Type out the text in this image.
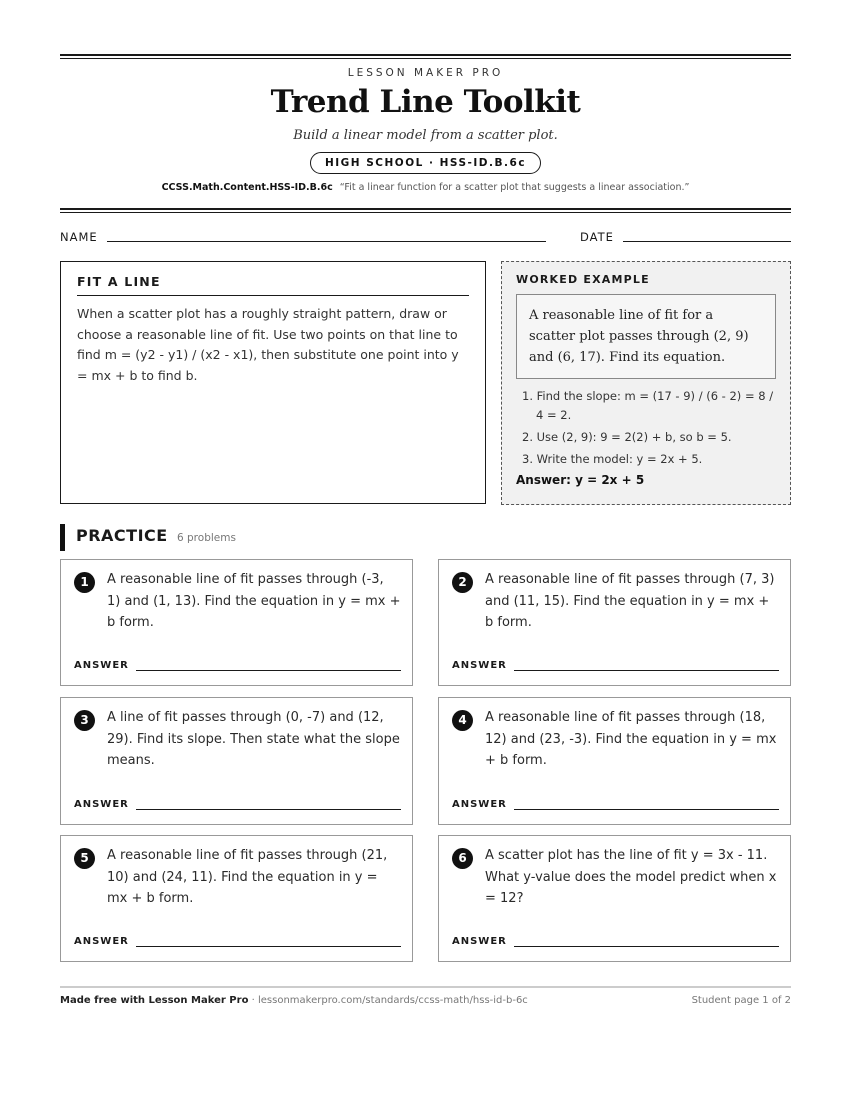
LESSON MAKER PRO
Trend Line Toolkit
Build a linear model from a scatter plot.
HIGH SCHOOL · HSS-ID.B.6c
CCSS.Math.Content.HSS-ID.B.6c “Fit a linear function for a scatter plot that suggests a linear association.”
NAME	DATE
FIT A LINE
When a scatter plot has a roughly straight pattern, draw or choose a reasonable line of fit. Use two points on that line to find m = (y2 - y1) / (x2 - x1), then substitute one point into y = mx + b to find b.
WORKED EXAMPLE
A reasonable line of fit for a scatter plot passes through (2, 9) and (6, 17). Find its equation.
1. Find the slope: m = (17 - 9) / (6 - 2) = 8 / 4 = 2.
2. Use (2, 9): 9 = 2(2) + b, so b = 5.
3. Write the model: y = 2x + 5.
Answer: y = 2x + 5
PRACTICE 6 problems
1	A reasonable line of fit passes through (-3, 1) and (1, 13). Find the equation in y = mx + b form.
ANSWER
2	A reasonable line of fit passes through (7, 3) and (11, 15). Find the equation in y = mx + b form.
ANSWER
3	A line of fit passes through (0, -7) and (12, 29). Find its slope. Then state what the slope means.
ANSWER
4	A reasonable line of fit passes through (18, 12) and (23, -3). Find the equation in y = mx + b form.
ANSWER
5	A reasonable line of fit passes through (21, 10) and (24, 11). Find the equation in y = mx + b form.
ANSWER
6	A scatter plot has the line of fit y = 3x - 11. What y-value does the model predict when x = 12?
ANSWER
Made free with Lesson Maker Pro · lessonmakerpro.com/standards/ccss-math/hss-id-b-6c	Student page 1 of 2
